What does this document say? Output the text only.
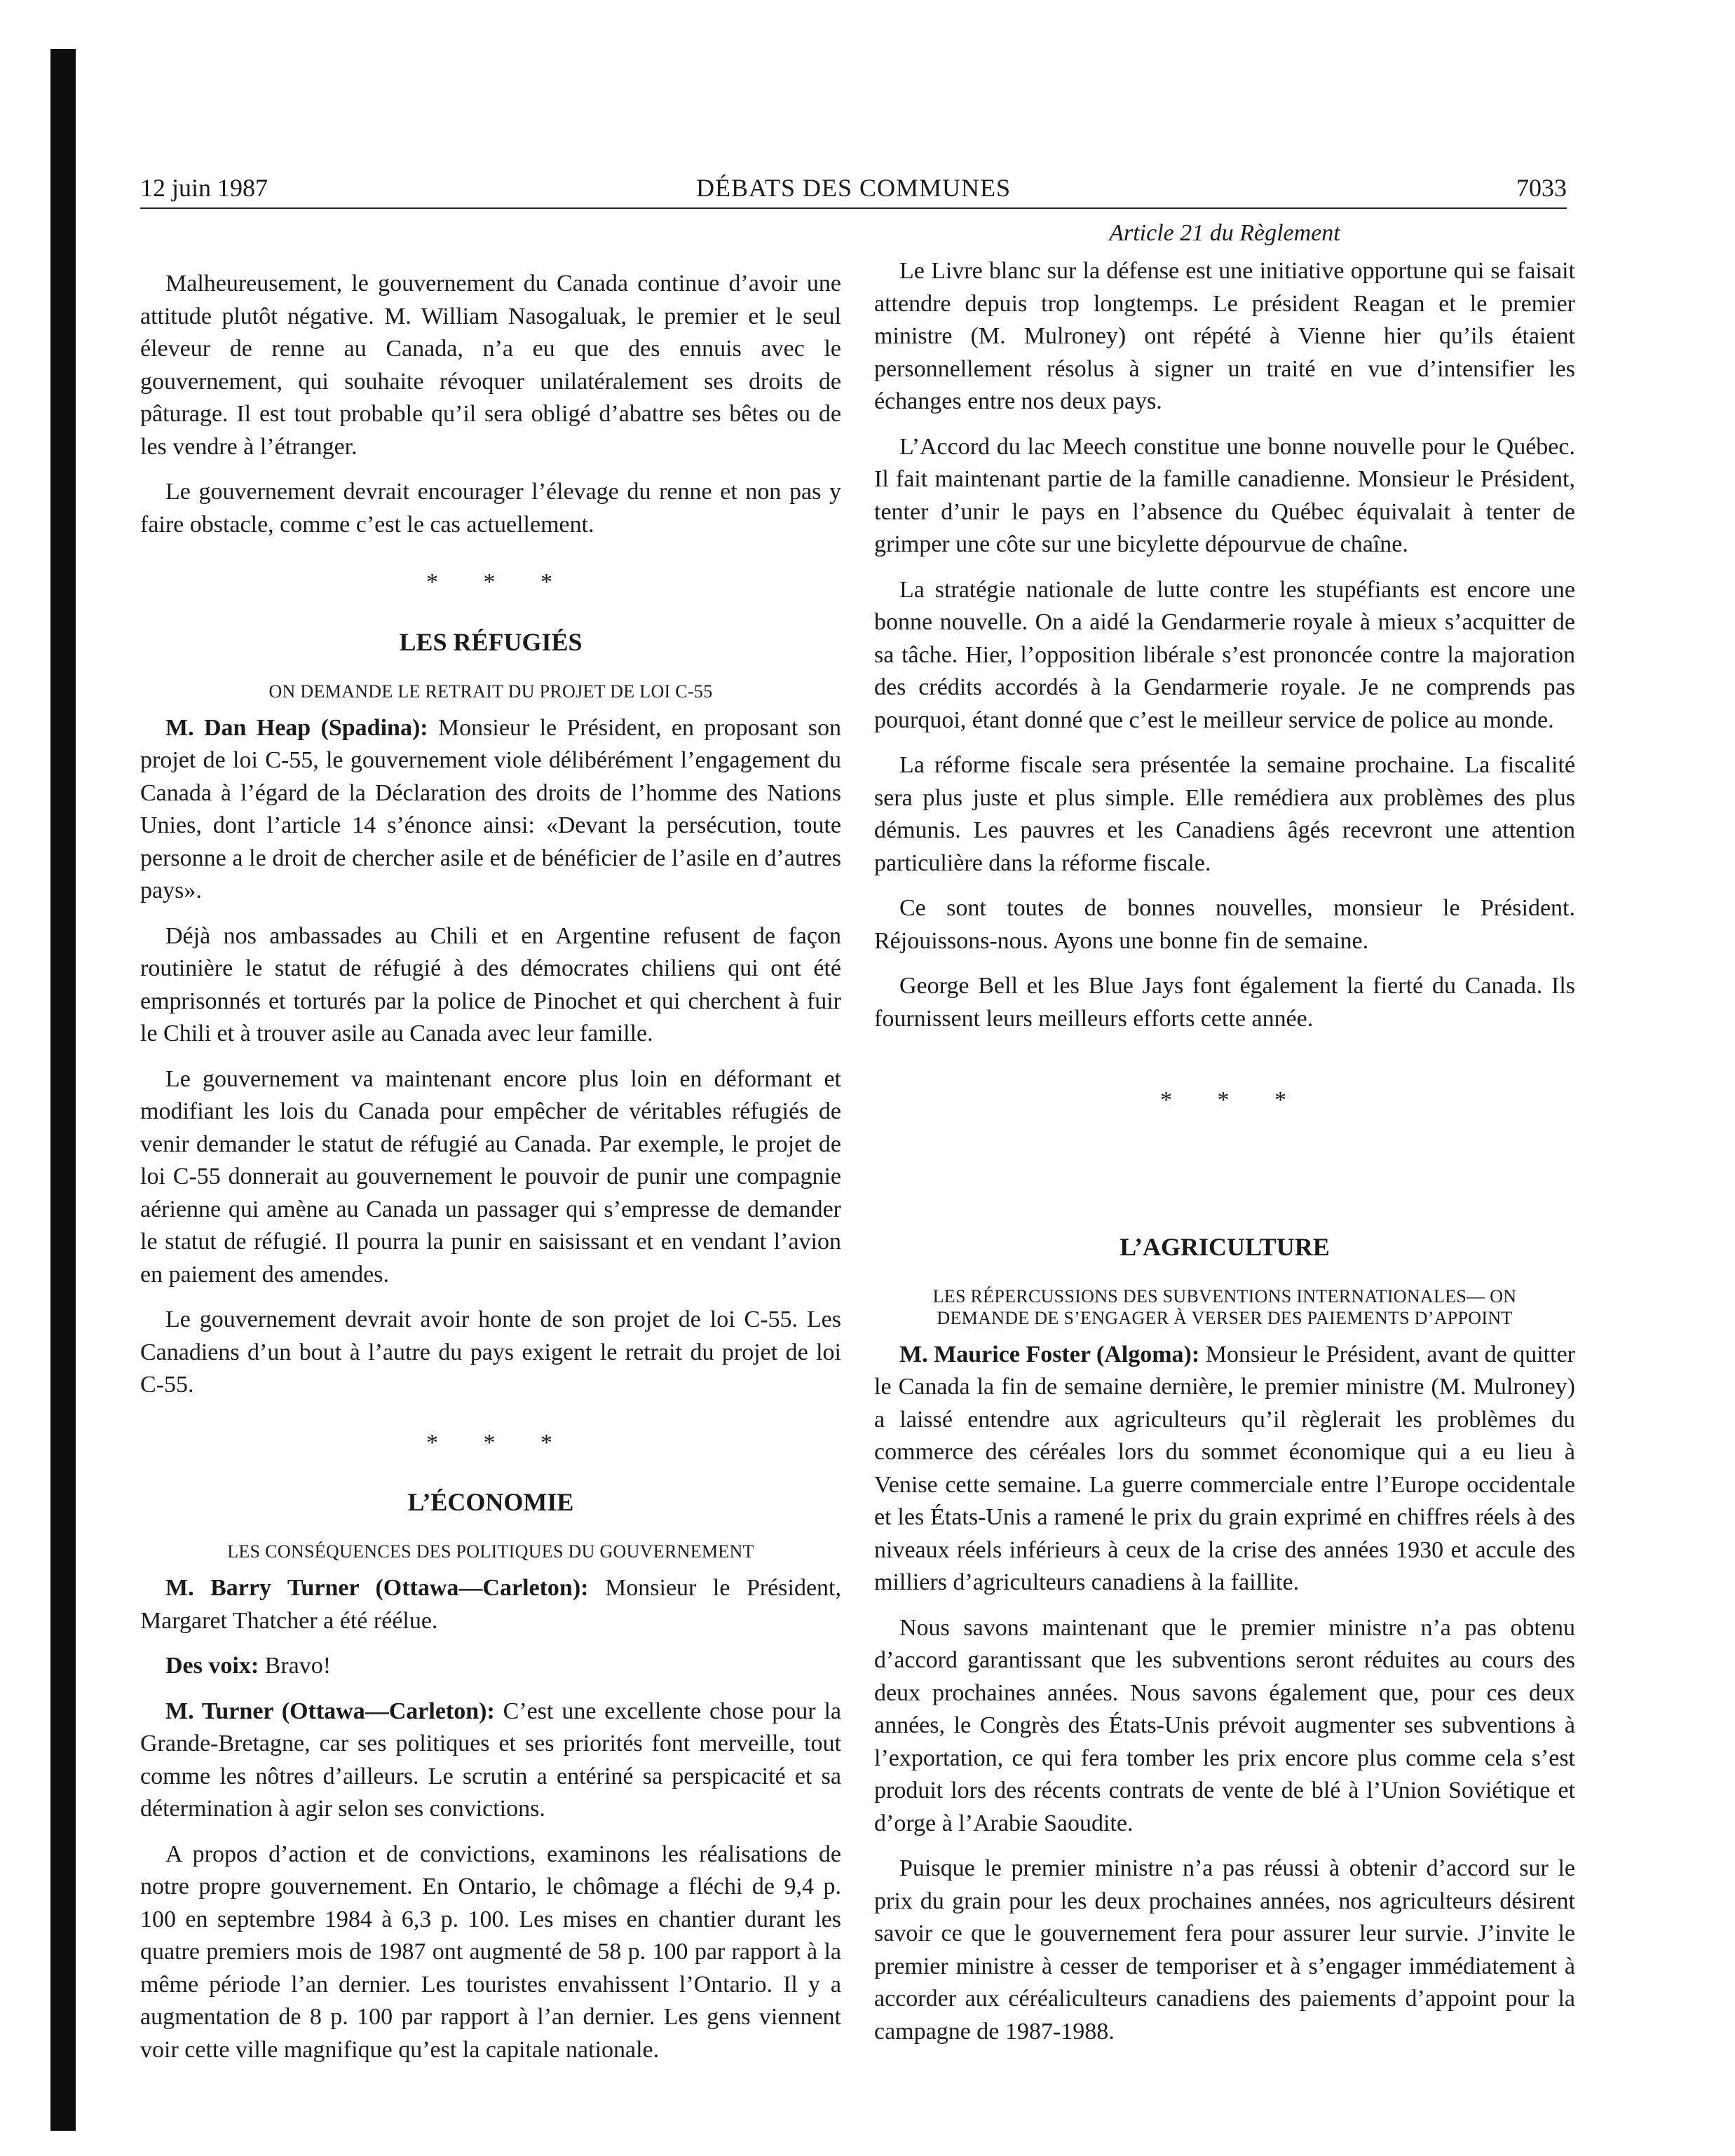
12 juin 1987	DÉBATS DES COMMUNES	7033

Malheureusement, le gouvernement du Canada continue d’avoir une attitude plutôt négative. M. William Nasogaluak, le premier et le seul éleveur de renne au Canada, n’a eu que des ennuis avec le gouvernement, qui souhaite révoquer unilatéralement ses droits de pâturage. Il est tout probable qu’il sera obligé d’abattre ses bêtes ou de les vendre à l’étranger.

Le gouvernement devrait encourager l’élevage du renne et non pas y faire obstacle, comme c’est le cas actuellement.

* * *
LES RÉFUGIÉS
ON DEMANDE LE RETRAIT DU PROJET DE LOI C-55

M. Dan Heap (Spadina): Monsieur le Président, en proposant son projet de loi C-55, le gouvernement viole délibérément l’engagement du Canada à l’égard de la Déclaration des droits de l’homme des Nations Unies, dont l’article 14 s’énonce ainsi: «Devant la persécution, toute personne a le droit de chercher asile et de bénéficier de l’asile en d’autres pays».

Déjà nos ambassades au Chili et en Argentine refusent de façon routinière le statut de réfugié à des démocrates chiliens qui ont été emprisonnés et torturés par la police de Pinochet et qui cherchent à fuir le Chili et à trouver asile au Canada avec leur famille.

Le gouvernement va maintenant encore plus loin en déformant et modifiant les lois du Canada pour empêcher de véritables réfugiés de venir demander le statut de réfugié au Canada. Par exemple, le projet de loi C-55 donnerait au gouvernement le pouvoir de punir une compagnie aérienne qui amène au Canada un passager qui s’empresse de demander le statut de réfugié. Il pourra la punir en saisissant et en vendant l’avion en paiement des amendes.

Le gouvernement devrait avoir honte de son projet de loi C-55. Les Canadiens d’un bout à l’autre du pays exigent le retrait du projet de loi C-55.

* * *
L’ÉCONOMIE
LES CONSÉQUENCES DES POLITIQUES DU GOUVERNEMENT

M. Barry Turner (Ottawa—Carleton): Monsieur le Président, Margaret Thatcher a été réélue.

Des voix: Bravo!

M. Turner (Ottawa—Carleton): C’est une excellente chose pour la Grande-Bretagne, car ses politiques et ses priorités font merveille, tout comme les nôtres d’ailleurs. Le scrutin a entériné sa perspicacité et sa détermination à agir selon ses convictions.

A propos d’action et de convictions, examinons les réalisations de notre propre gouvernement. En Ontario, le chômage a fléchi de 9,4 p. 100 en septembre 1984 à 6,3 p. 100. Les mises en chantier durant les quatre premiers mois de 1987 ont augmenté de 58 p. 100 par rapport à la même période l’an dernier. Les touristes envahissent l’Ontario. Il y a augmentation de 8 p. 100 par rapport à l’an dernier. Les gens viennent voir cette ville magnifique qu’est la capitale nationale.

Article 21 du Règlement

Le Livre blanc sur la défense est une initiative opportune qui se faisait attendre depuis trop longtemps. Le président Reagan et le premier ministre (M. Mulroney) ont répété à Vienne hier qu’ils étaient personnellement résolus à signer un traité en vue d’intensifier les échanges entre nos deux pays.

L’Accord du lac Meech constitue une bonne nouvelle pour le Québec. Il fait maintenant partie de la famille canadienne. Monsieur le Président, tenter d’unir le pays en l’absence du Québec équivalait à tenter de grimper une côte sur une bicylette dépourvue de chaîne.

La stratégie nationale de lutte contre les stupéfiants est encore une bonne nouvelle. On a aidé la Gendarmerie royale à mieux s’acquitter de sa tâche. Hier, l’opposition libérale s’est prononcée contre la majoration des crédits accordés à la Gendarmerie royale. Je ne comprends pas pourquoi, étant donné que c’est le meilleur service de police au monde.

La réforme fiscale sera présentée la semaine prochaine. La fiscalité sera plus juste et plus simple. Elle remédiera aux problèmes des plus démunis. Les pauvres et les Canadiens âgés recevront une attention particulière dans la réforme fiscale.

Ce sont toutes de bonnes nouvelles, monsieur le Président. Réjouissons-nous. Ayons une bonne fin de semaine.

George Bell et les Blue Jays font également la fierté du Canada. Ils fournissent leurs meilleurs efforts cette année.

* * *
L’AGRICULTURE
LES RÉPERCUSSIONS DES SUBVENTIONS INTERNATIONALES— ON DEMANDE DE S’ENGAGER À VERSER DES PAIEMENTS D’APPOINT

M. Maurice Foster (Algoma): Monsieur le Président, avant de quitter le Canada la fin de semaine dernière, le premier ministre (M. Mulroney) a laissé entendre aux agriculteurs qu’il règlerait les problèmes du commerce des céréales lors du sommet économique qui a eu lieu à Venise cette semaine. La guerre commerciale entre l’Europe occidentale et les États-Unis a ramené le prix du grain exprimé en chiffres réels à des niveaux réels inférieurs à ceux de la crise des années 1930 et accule des milliers d’agriculteurs canadiens à la faillite.

Nous savons maintenant que le premier ministre n’a pas obtenu d’accord garantissant que les subventions seront réduites au cours des deux prochaines années. Nous savons également que, pour ces deux années, le Congrès des États-Unis prévoit augmenter ses subventions à l’exportation, ce qui fera tomber les prix encore plus comme cela s’est produit lors des récents contrats de vente de blé à l’Union Soviétique et d’orge à l’Arabie Saoudite.

Puisque le premier ministre n’a pas réussi à obtenir d’accord sur le prix du grain pour les deux prochaines années, nos agriculteurs désirent savoir ce que le gouvernement fera pour assurer leur survie. J’invite le premier ministre à cesser de temporiser et à s’engager immédiatement à accorder aux céréaliculteurs canadiens des paiements d’appoint pour la campagne de 1987-1988.
